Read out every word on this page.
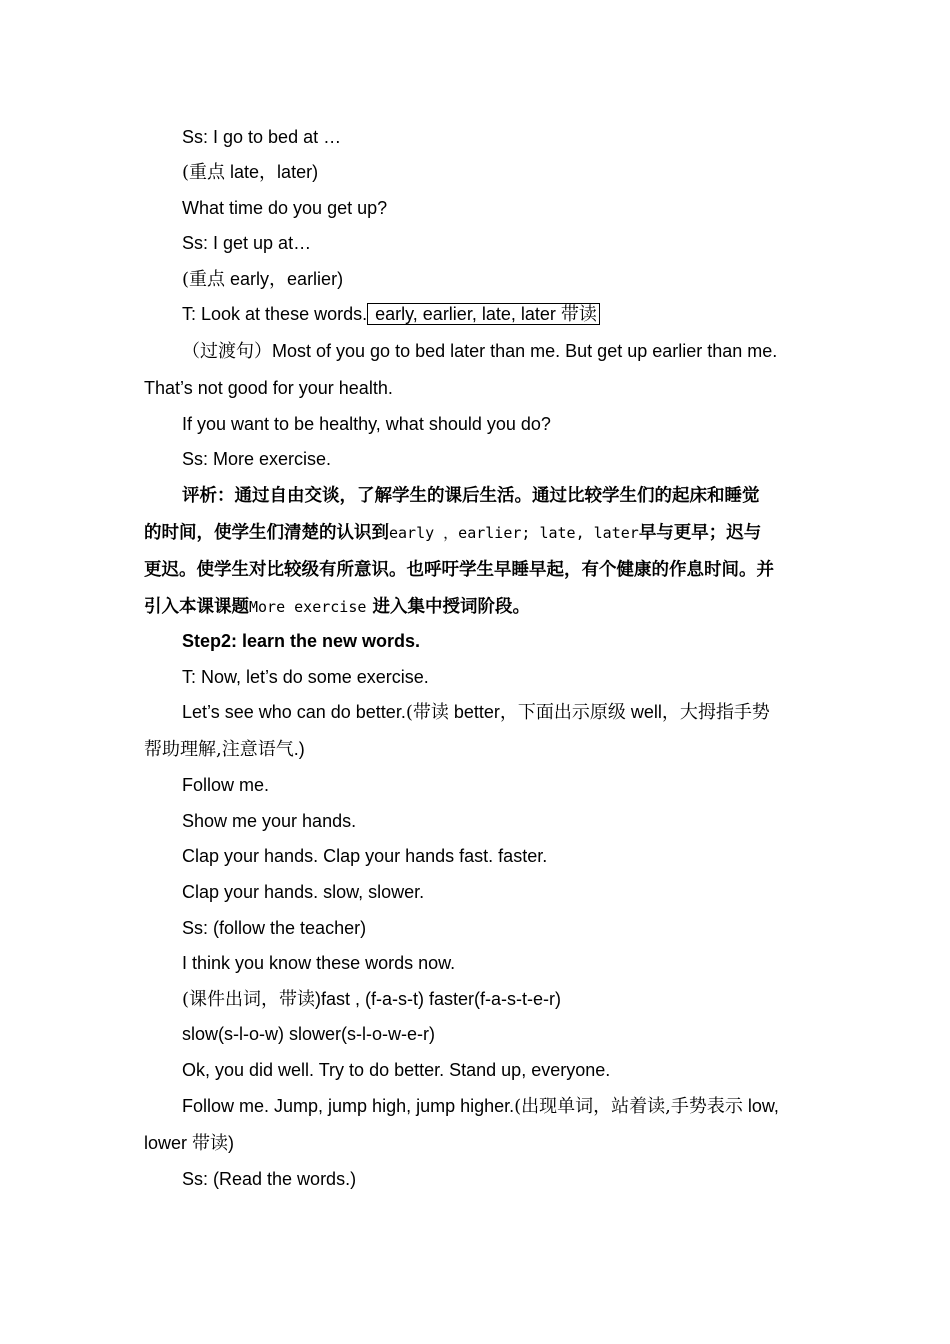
Ss: I go to bed at …
(重点 late，later)
What time do you get up?
Ss: I get up at…
(重点 early，earlier)
T: Look at these words. early, earlier, late, later 带读
（过渡句）Most of you go to bed later than me. But get up earlier than me.
That’s not good for your health.
If you want to be healthy, what should you do?
Ss: More exercise.
评析：通过自由交谈，了解学生的课后生活。通过比较学生们的起床和睡觉
的时间，使学生们清楚的认识到early ，earlier; late, later早与更早；迟与
更迟。使学生对比较级有所意识。也呼吁学生早睡早起，有个健康的作息时间。并
引入本课课题More exercise 进入集中授词阶段。
Step2: learn the new words.
T: Now, let’s do some exercise.
Let’s see who can do better.(带读 better，下面出示原级 well，大拇指手势
帮助理解,注意语气.)
Follow me.
Show me your hands.
Clap your hands. Clap your hands fast. faster.
Clap your hands. slow, slower.
Ss: (follow the teacher)
I think you know these words now.
(课件出词，带读)fast , (f-a-s-t) faster(f-a-s-t-e-r)
slow(s-l-o-w) slower(s-l-o-w-e-r)
Ok, you did well. Try to do better. Stand up, everyone.
Follow me. Jump, jump high, jump higher.(出现单词，站着读,手势表示 low,
lower 带读)
Ss: (Read the words.)
